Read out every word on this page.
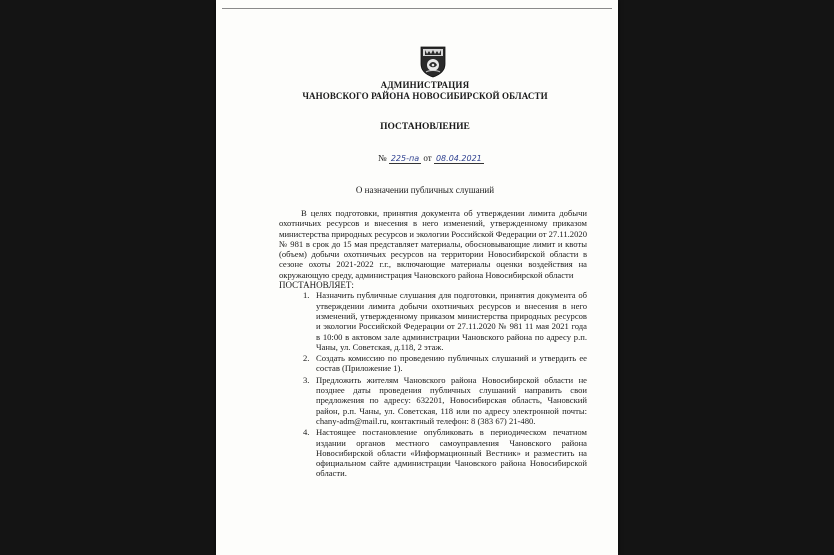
АДМИНИСТРАЦИЯ
ЧАНОВСКОГО РАЙОНА НОВОСИБИРСКОЙ ОБЛАСТИ
ПОСТАНОВЛЕНИЕ
№ 225-па от 08.04.2021
О назначении публичных слушаний

В целях подготовки, принятия документа об утверждении лимита добычи охотничьих ресурсов и внесения в него изменений, утвержденному приказом министерства природных ресурсов и экологии Российской Федерации от 27.11.2020 № 981 в срок до 15 мая представляет материалы, обосновывающие лимит и квоты (объем) добычи охотничьих ресурсов на территории Новосибирской области в сезоне охоты 2021-2022 г.г., включающие материалы оценки воздействия на окружающую среду, администрация Чановского района Новосибирской области

ПОСТАНОВЛЯЕТ:

1. Назначить публичные слушания для подготовки, принятия документа об утверждении лимита добычи охотничьих ресурсов и внесения в него изменений, утвержденному приказом министерства природных ресурсов и экологии Российской Федерации от 27.11.2020 № 981 11 мая 2021 года в 10:00 в актовом зале администрации Чановского района по адресу р.п. Чаны, ул. Советская, д.118, 2 этаж.
2. Создать комиссию по проведению публичных слушаний и утвердить ее состав (Приложение 1).
3. Предложить жителям Чановского района Новосибирской области не позднее даты проведения публичных слушаний направить свои предложения по адресу: 632201, Новосибирская область, Чановский район, р.п. Чаны, ул. Советская, 118 или по адресу электронной почты: chany-adm@mail.ru, контактный телефон: 8 (383 67) 21-480.
4. Настоящее постановление опубликовать в периодическом печатном издании органов местного самоуправления Чановского района Новосибирской области «Информационный Вестник» и разместить на официальном сайте администрации Чановского района Новосибирской области.
